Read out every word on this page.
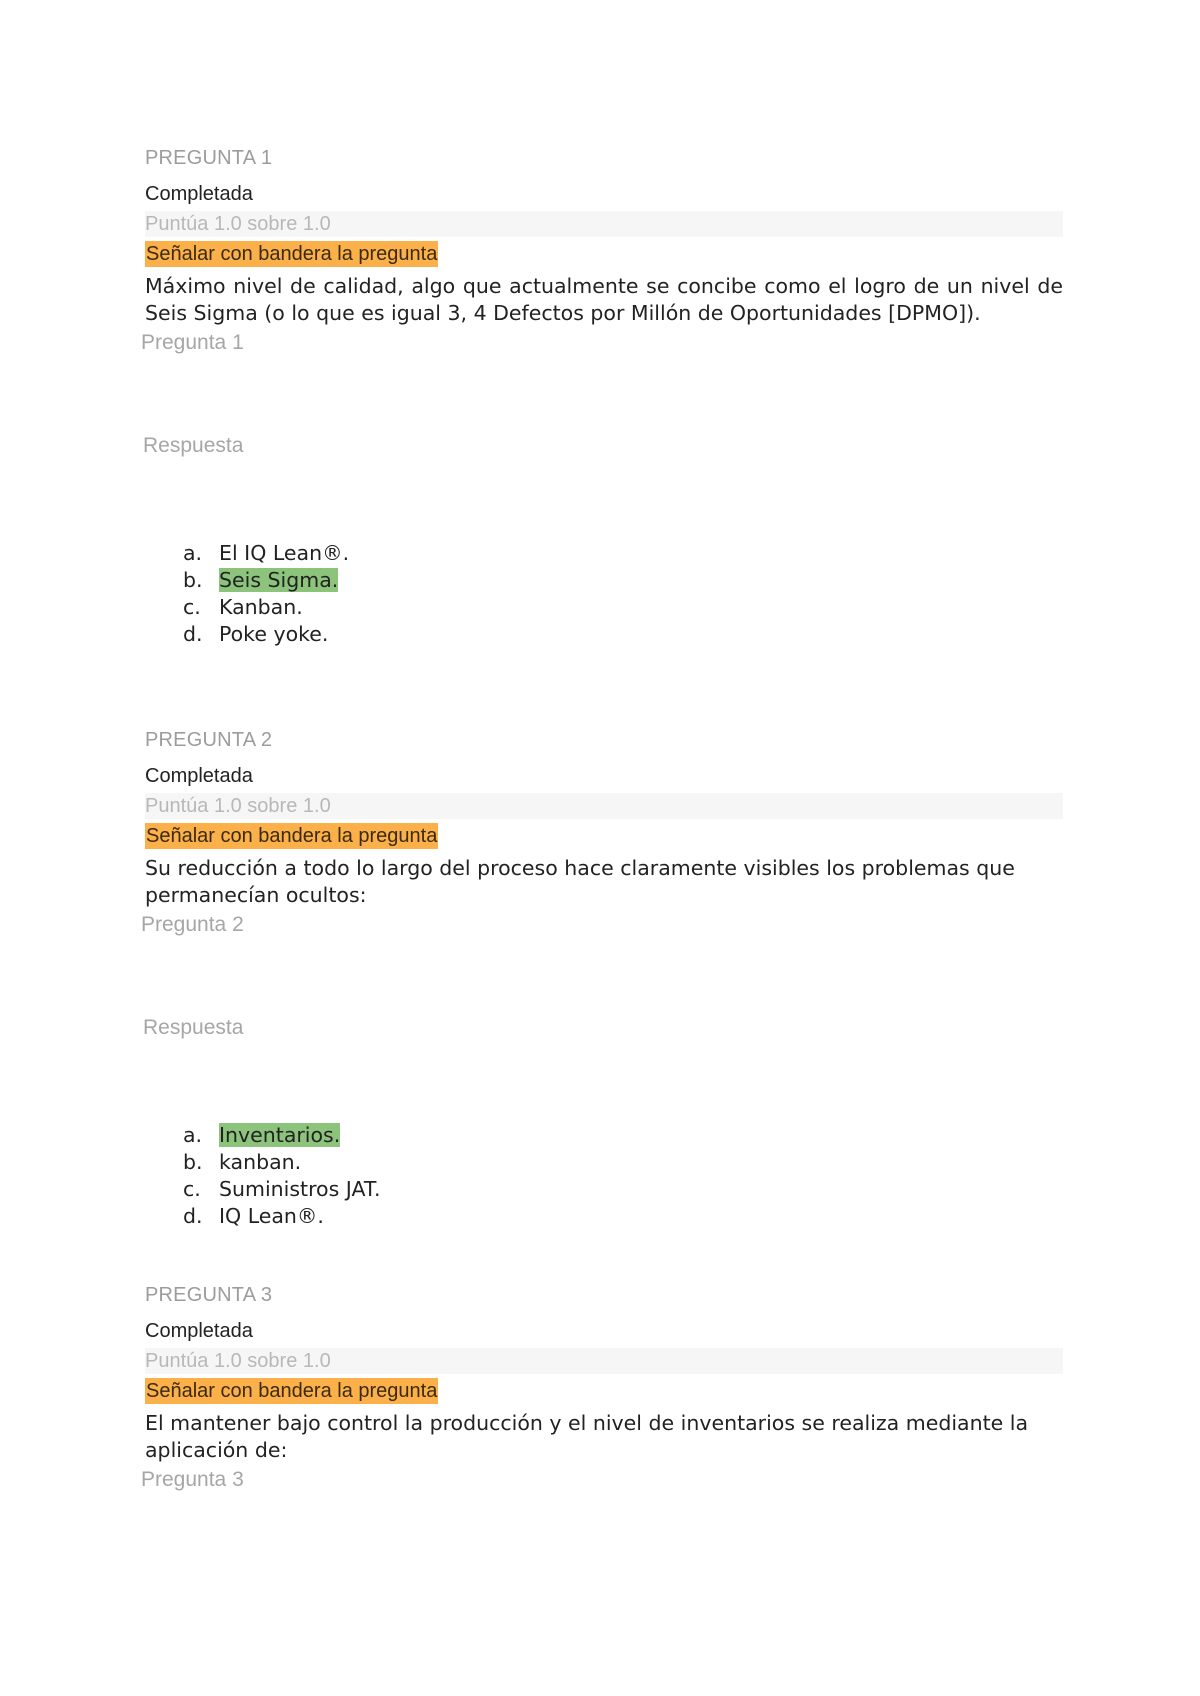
PREGUNTA 1
Completada
Puntúa 1.0 sobre 1.0
Señalar con bandera la pregunta
Máximo nivel de calidad, algo que actualmente se concibe como el logro de un nivel de Seis Sigma (o lo que es igual 3, 4 Defectos por Millón de Oportunidades [DPMO]).
Pregunta 1
Respuesta
a. El IQ Lean®.
b. Seis Sigma.
c. Kanban.
d. Poke yoke.
PREGUNTA 2
Completada
Puntúa 1.0 sobre 1.0
Señalar con bandera la pregunta
Su reducción a todo lo largo del proceso hace claramente visibles los problemas que permanecían ocultos:
Pregunta 2
Respuesta
a. Inventarios.
b. kanban.
c. Suministros JAT.
d. IQ Lean®.
PREGUNTA 3
Completada
Puntúa 1.0 sobre 1.0
Señalar con bandera la pregunta
El mantener bajo control la producción y el nivel de inventarios se realiza mediante la aplicación de:
Pregunta 3
